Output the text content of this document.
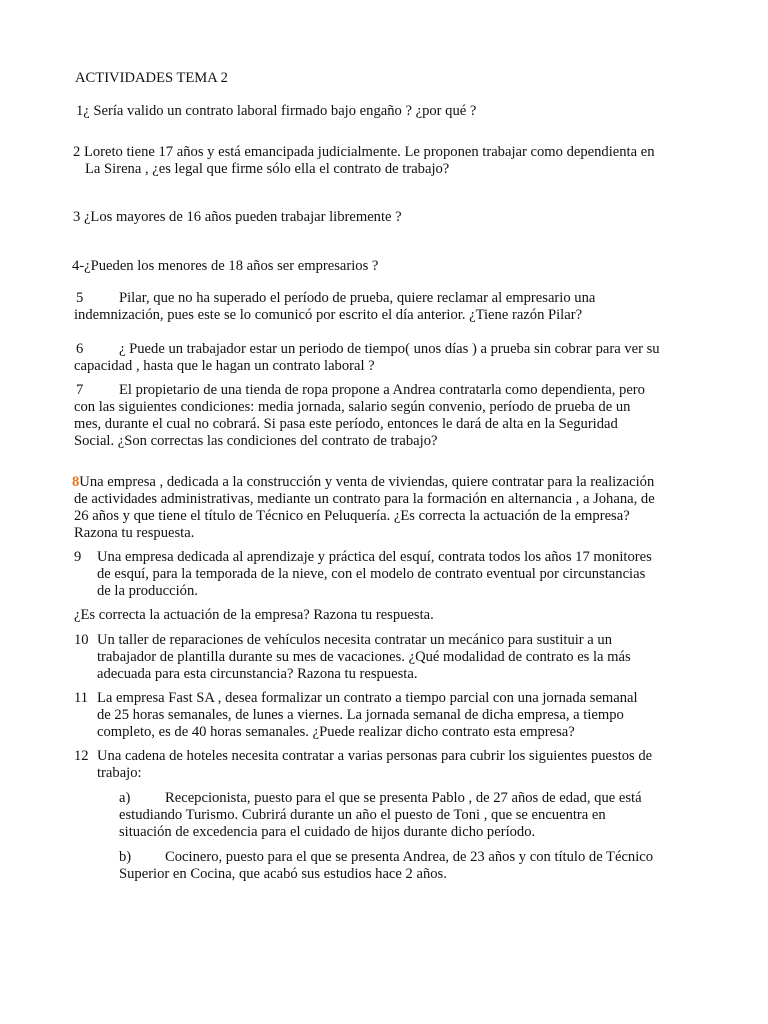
ACTIVIDADES TEMA 2
1¿ Sería valido un contrato laboral firmado bajo engaño ? ¿por qué ?
2 Loreto tiene 17 años y está emancipada judicialmente. Le proponen trabajar como dependienta en
La Sirena , ¿es legal que firme sólo ella el contrato de trabajo?
3 ¿Los mayores de 16 años pueden trabajar libremente ?
4-¿Pueden los menores de 18 años ser empresarios ?
5 Pilar, que no ha superado el período de prueba, quiere reclamar al empresario una
indemnización, pues este se lo comunicó por escrito el día anterior. ¿Tiene razón Pilar?
6 ¿ Puede un trabajador estar un periodo de tiempo( unos días ) a prueba sin cobrar para ver su
capacidad , hasta que le hagan un contrato laboral ?
7 El propietario de una tienda de ropa propone a Andrea contratarla como dependienta, pero
con las siguientes condiciones: media jornada, salario según convenio, período de prueba de un
mes, durante el cual no cobrará. Si pasa este período, entonces le dará de alta en la Seguridad
Social. ¿Son correctas las condiciones del contrato de trabajo?
8Una empresa , dedicada a la construcción y venta de viviendas, quiere contratar para la realización
de actividades administrativas, mediante un contrato para la formación en alternancia , a Johana, de
26 años y que tiene el título de Técnico en Peluquería. ¿Es correcta la actuación de la empresa?
Razona tu respuesta.
9 Una empresa dedicada al aprendizaje y práctica del esquí, contrata todos los años 17 monitores
de esquí, para la temporada de la nieve, con el modelo de contrato eventual por circunstancias
de la producción.
¿Es correcta la actuación de la empresa? Razona tu respuesta.
10 Un taller de reparaciones de vehículos necesita contratar un mecánico para sustituir a un
trabajador de plantilla durante su mes de vacaciones. ¿Qué modalidad de contrato es la más
adecuada para esta circunstancia? Razona tu respuesta.
11 La empresa Fast SA , desea formalizar un contrato a tiempo parcial con una jornada semanal
de 25 horas semanales, de lunes a viernes. La jornada semanal de dicha empresa, a tiempo
completo, es de 40 horas semanales. ¿Puede realizar dicho contrato esta empresa?
12 Una cadena de hoteles necesita contratar a varias personas para cubrir los siguientes puestos de
trabajo:
a) Recepcionista, puesto para el que se presenta Pablo , de 27 años de edad, que está
estudiando Turismo. Cubrirá durante un año el puesto de Toni , que se encuentra en
situación de excedencia para el cuidado de hijos durante dicho período.
b) Cocinero, puesto para el que se presenta Andrea, de 23 años y con título de Técnico
Superior en Cocina, que acabó sus estudios hace 2 años.
